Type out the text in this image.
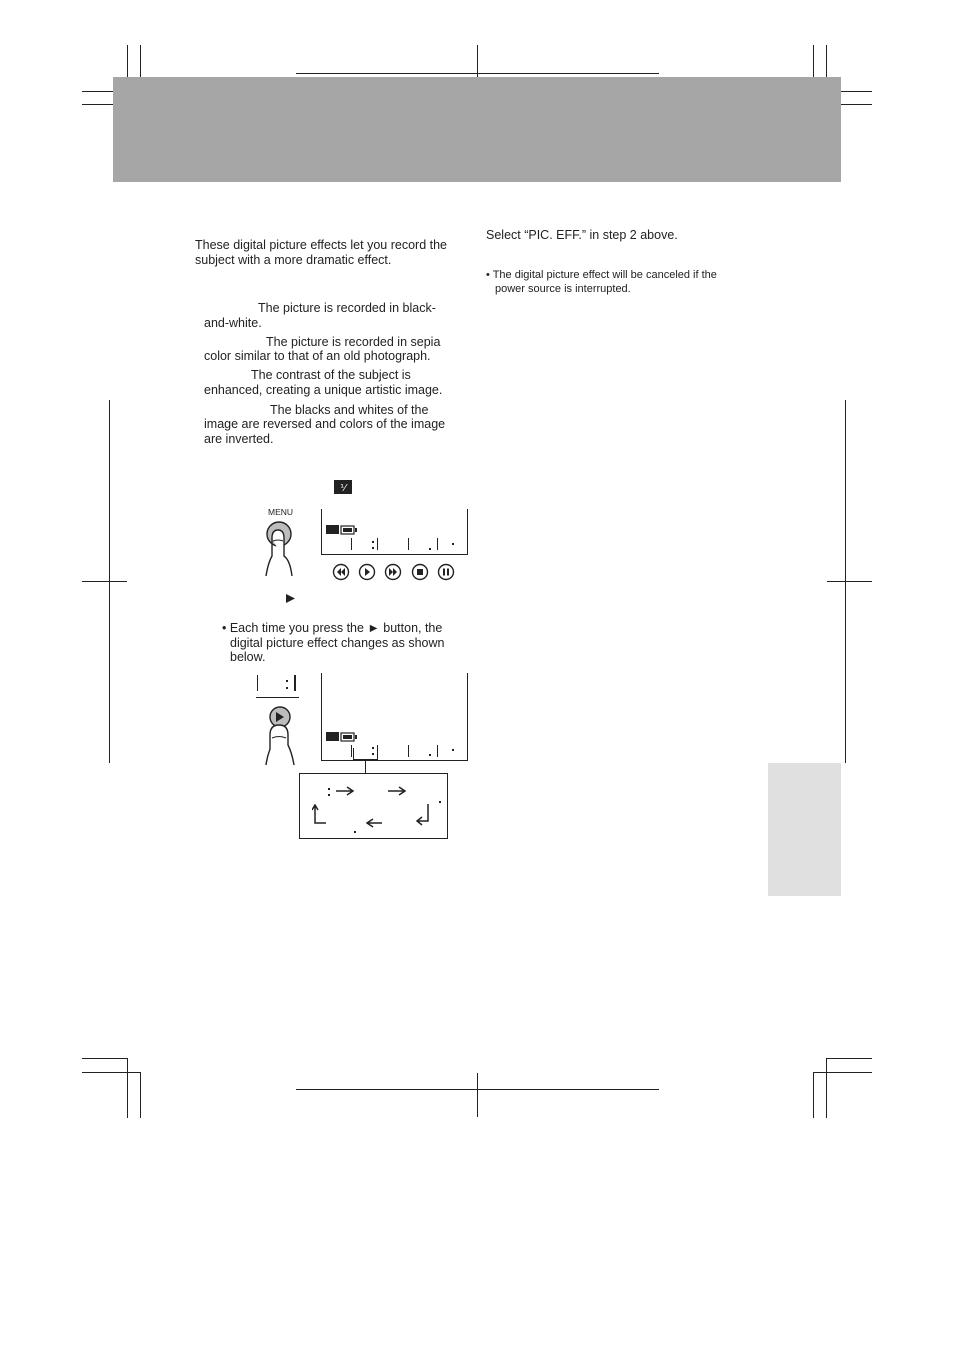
These digital picture effects let you record the
subject with a more dramatic effect.
The picture is recorded in black-
and-white.
The picture is recorded in sepia
color similar to that of an old photograph.
The contrast of the subject is
enhanced, creating a unique artistic image.
The blacks and whites of the
image are reversed and colors of the image
are inverted.
⅟
MENU
• Each time you press the ► button, the
digital picture effect changes as shown
below.
Select “PIC. EFF.” in step 2 above.
• The digital picture effect will be canceled if the
power source is interrupted.
